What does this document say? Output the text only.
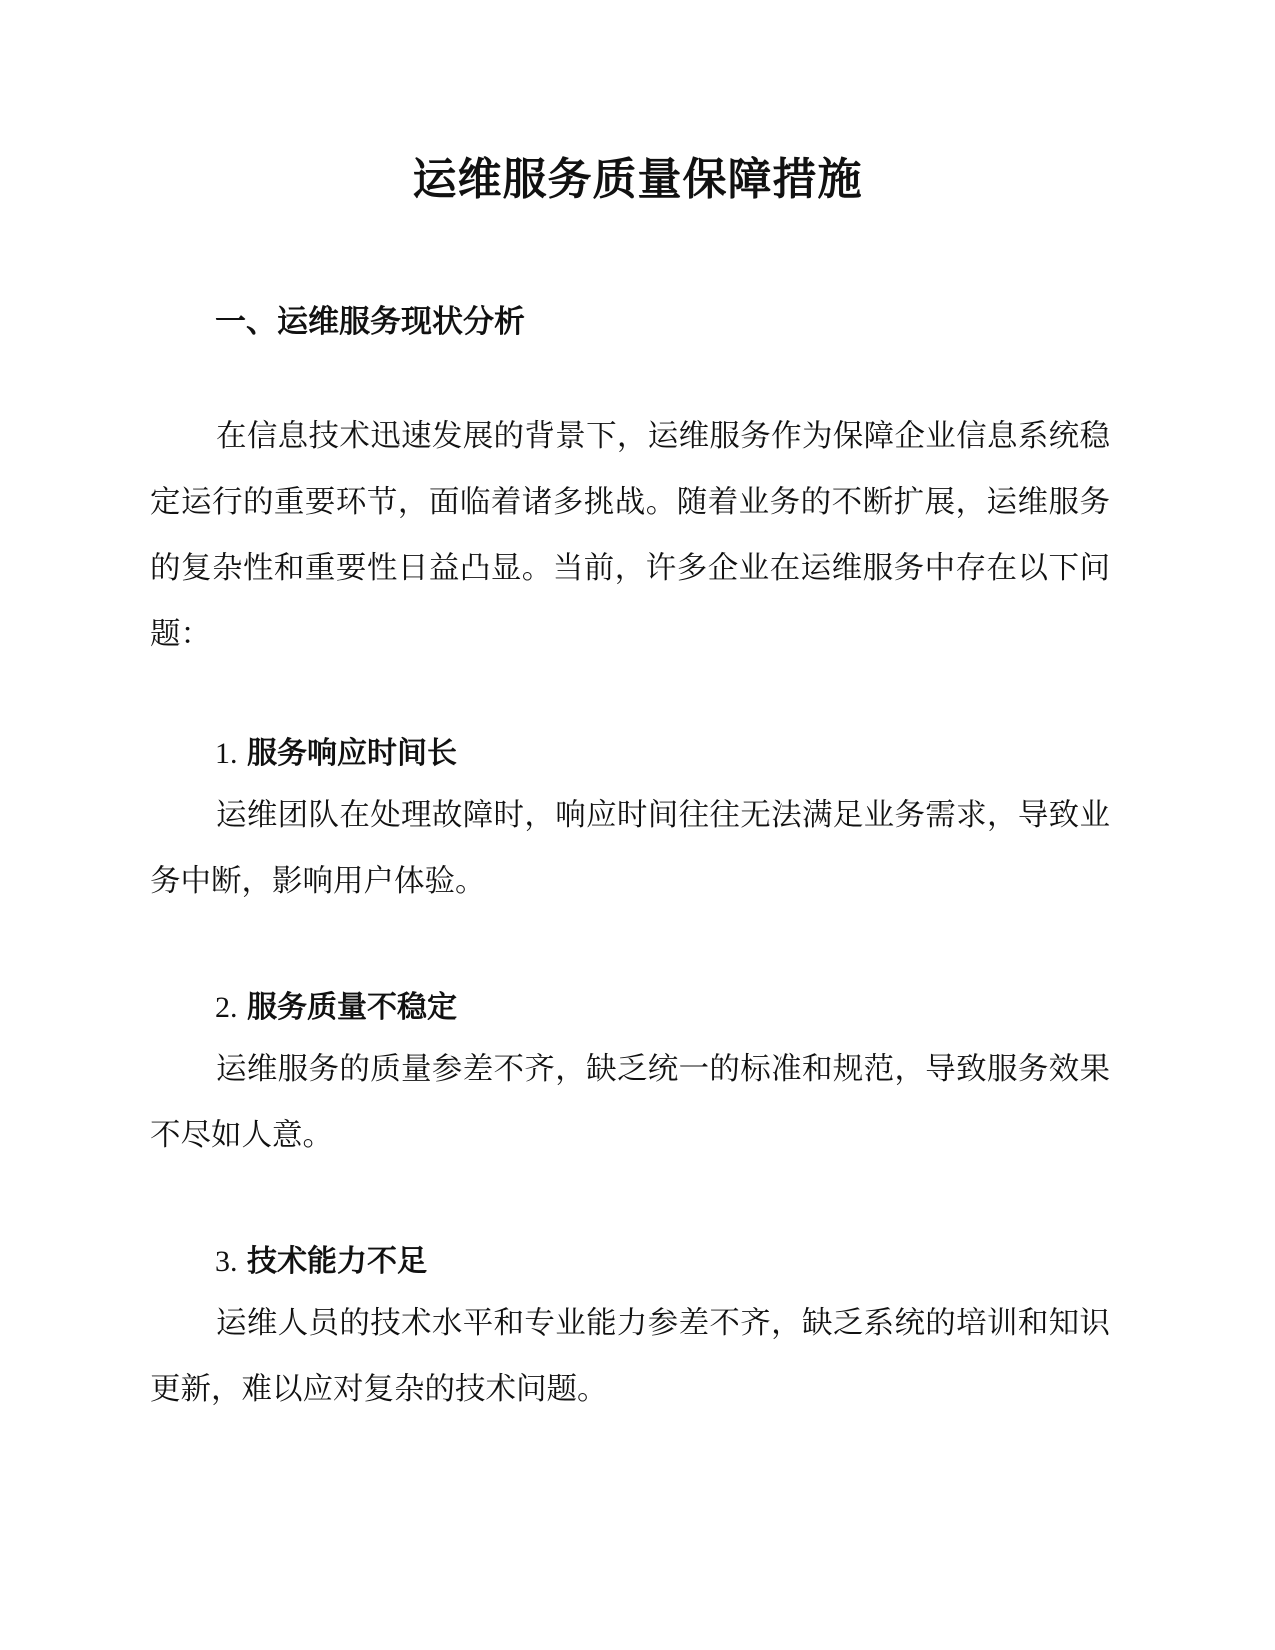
运维服务质量保障措施
一、运维服务现状分析

在信息技术迅速发展的背景下，运维服务作为保障企业信息系统稳定运行的重要环节，面临着诸多挑战。随着业务的不断扩展，运维服务的复杂性和重要性日益凸显。当前，许多企业在运维服务中存在以下问题：

1. 服务响应时间长

运维团队在处理故障时，响应时间往往无法满足业务需求，导致业务中断，影响用户体验。

2. 服务质量不稳定

运维服务的质量参差不齐，缺乏统一的标准和规范，导致服务效果不尽如人意。

3. 技术能力不足

运维人员的技术水平和专业能力参差不齐，缺乏系统的培训和知识更新，难以应对复杂的技术问题。
